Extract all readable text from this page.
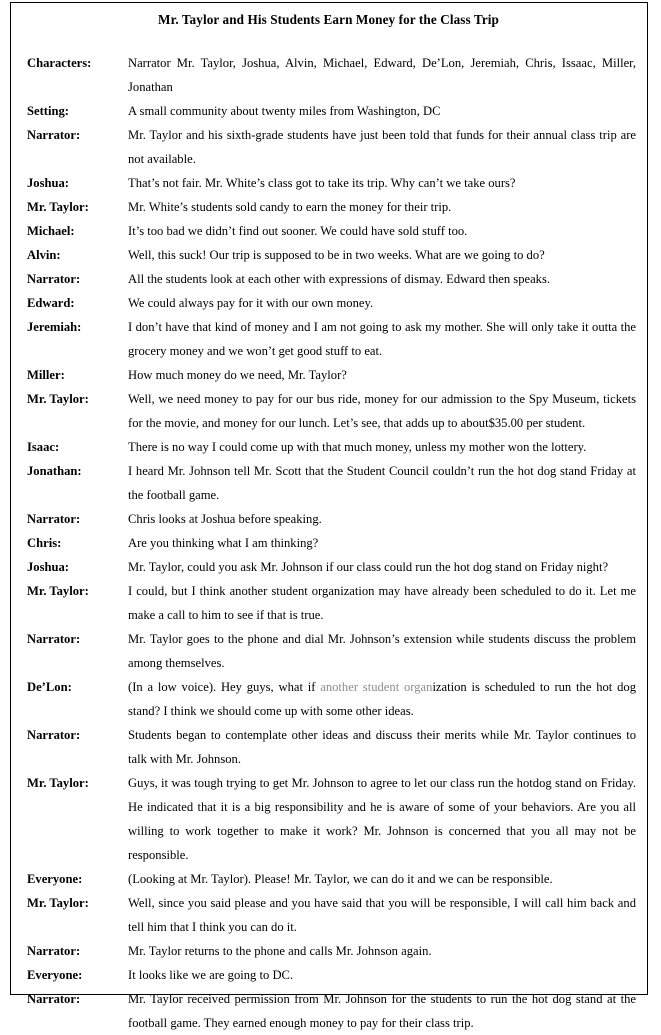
Mr. Taylor and His Students Earn Money for the Class Trip
Characters:	Narrator Mr. Taylor, Joshua, Alvin, Michael, Edward, De’Lon, Jeremiah, Chris, Issaac, Miller, Jonathan
Setting:	A small community about twenty miles from Washington, DC
Narrator:	Mr. Taylor and his sixth-grade students have just been told that funds for their annual class trip are not available.
Joshua:	That’s not fair. Mr. White’s class got to take its trip. Why can’t we take ours?
Mr. Taylor:	Mr. White’s students sold candy to earn the money for their trip.
Michael:	It’s too bad we didn’t find out sooner. We could have sold stuff too.
Alvin:	Well, this suck! Our trip is supposed to be in two weeks. What are we going to do?
Narrator:	All the students look at each other with expressions of dismay. Edward then speaks.
Edward:	We could always pay for it with our own money.
Jeremiah:	I don’t have that kind of money and I am not going to ask my mother. She will only take it outta the grocery money and we won’t get good stuff to eat.
Miller:	How much money do we need, Mr. Taylor?
Mr. Taylor:	Well, we need money to pay for our bus ride, money for our admission to the Spy Museum, tickets for the movie, and money for our lunch. Let’s see, that adds up to about$35.00 per student.
Isaac:	There is no way I could come up with that much money, unless my mother won the lottery.
Jonathan:	I heard Mr. Johnson tell Mr. Scott that the Student Council couldn’t run the hot dog stand Friday at the football game.
Narrator:	Chris looks at Joshua before speaking.
Chris:	Are you thinking what I am thinking?
Joshua:	Mr. Taylor, could you ask Mr. Johnson if our class could run the hot dog stand on Friday night?
Mr. Taylor:	I could, but I think another student organization may have already been scheduled to do it. Let me make a call to him to see if that is true.
Narrator:	Mr. Taylor goes to the phone and dial Mr. Johnson’s extension while students discuss the problem among themselves.
De’Lon:	(In a low voice). Hey guys, what if another student organization is scheduled to run the hot dog stand? I think we should come up with some other ideas.
Narrator:	Students began to contemplate other ideas and discuss their merits while Mr. Taylor continues to talk with Mr. Johnson.
Mr. Taylor:	Guys, it was tough trying to get Mr. Johnson to agree to let our class run the hotdog stand on Friday. He indicated that it is a big responsibility and he is aware of some of your behaviors. Are you all willing to work together to make it work? Mr. Johnson is concerned that you all may not be responsible.
Everyone:	(Looking at Mr. Taylor). Please! Mr. Taylor, we can do it and we can be responsible.
Mr. Taylor:	Well, since you said please and you have said that you will be responsible, I will call him back and tell him that I think you can do it.
Narrator:	Mr. Taylor returns to the phone and calls Mr. Johnson again.
Everyone:	It looks like we are going to DC.
Narrator:	Mr. Taylor received permission from Mr. Johnson for the students to run the hot dog stand at the football game. They earned enough money to pay for their class trip.
